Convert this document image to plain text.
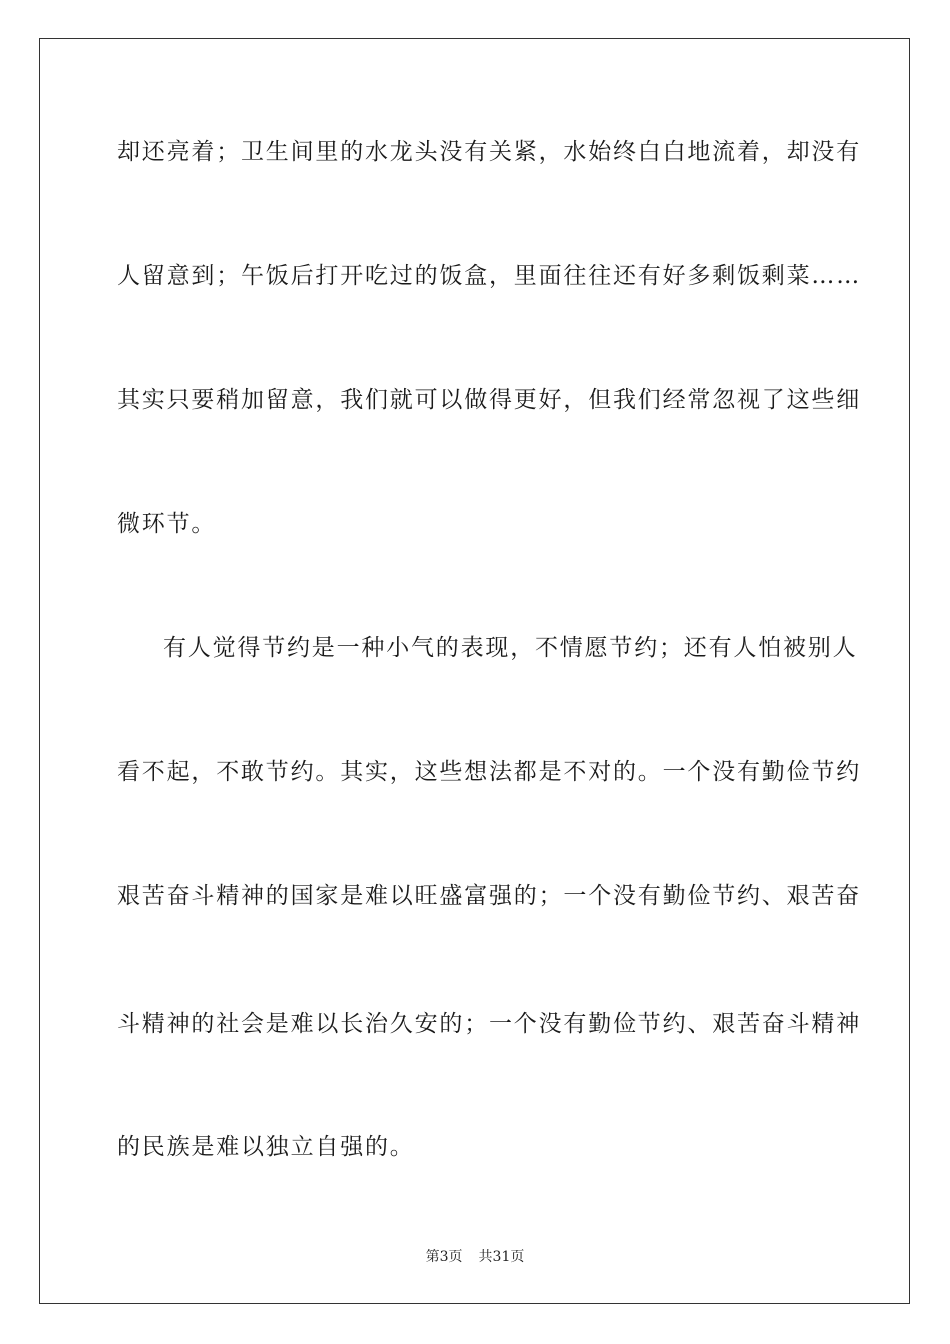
却还亮着；卫生间里的水龙头没有关紧，水始终白白地流着，却没有
人留意到；午饭后打开吃过的饭盒，里面往往还有好多剩饭剩菜……
其实只要稍加留意，我们就可以做得更好，但我们经常忽视了这些细
微环节。
有人觉得节约是一种小气的表现，不情愿节约；还有人怕被别人
看不起，不敢节约。其实，这些想法都是不对的。一个没有勤俭节约
艰苦奋斗精神的国家是难以旺盛富强的；一个没有勤俭节约、艰苦奋
斗精神的社会是难以长治久安的；一个没有勤俭节约、艰苦奋斗精神
的民族是难以独立自强的。
第3页 共31页
